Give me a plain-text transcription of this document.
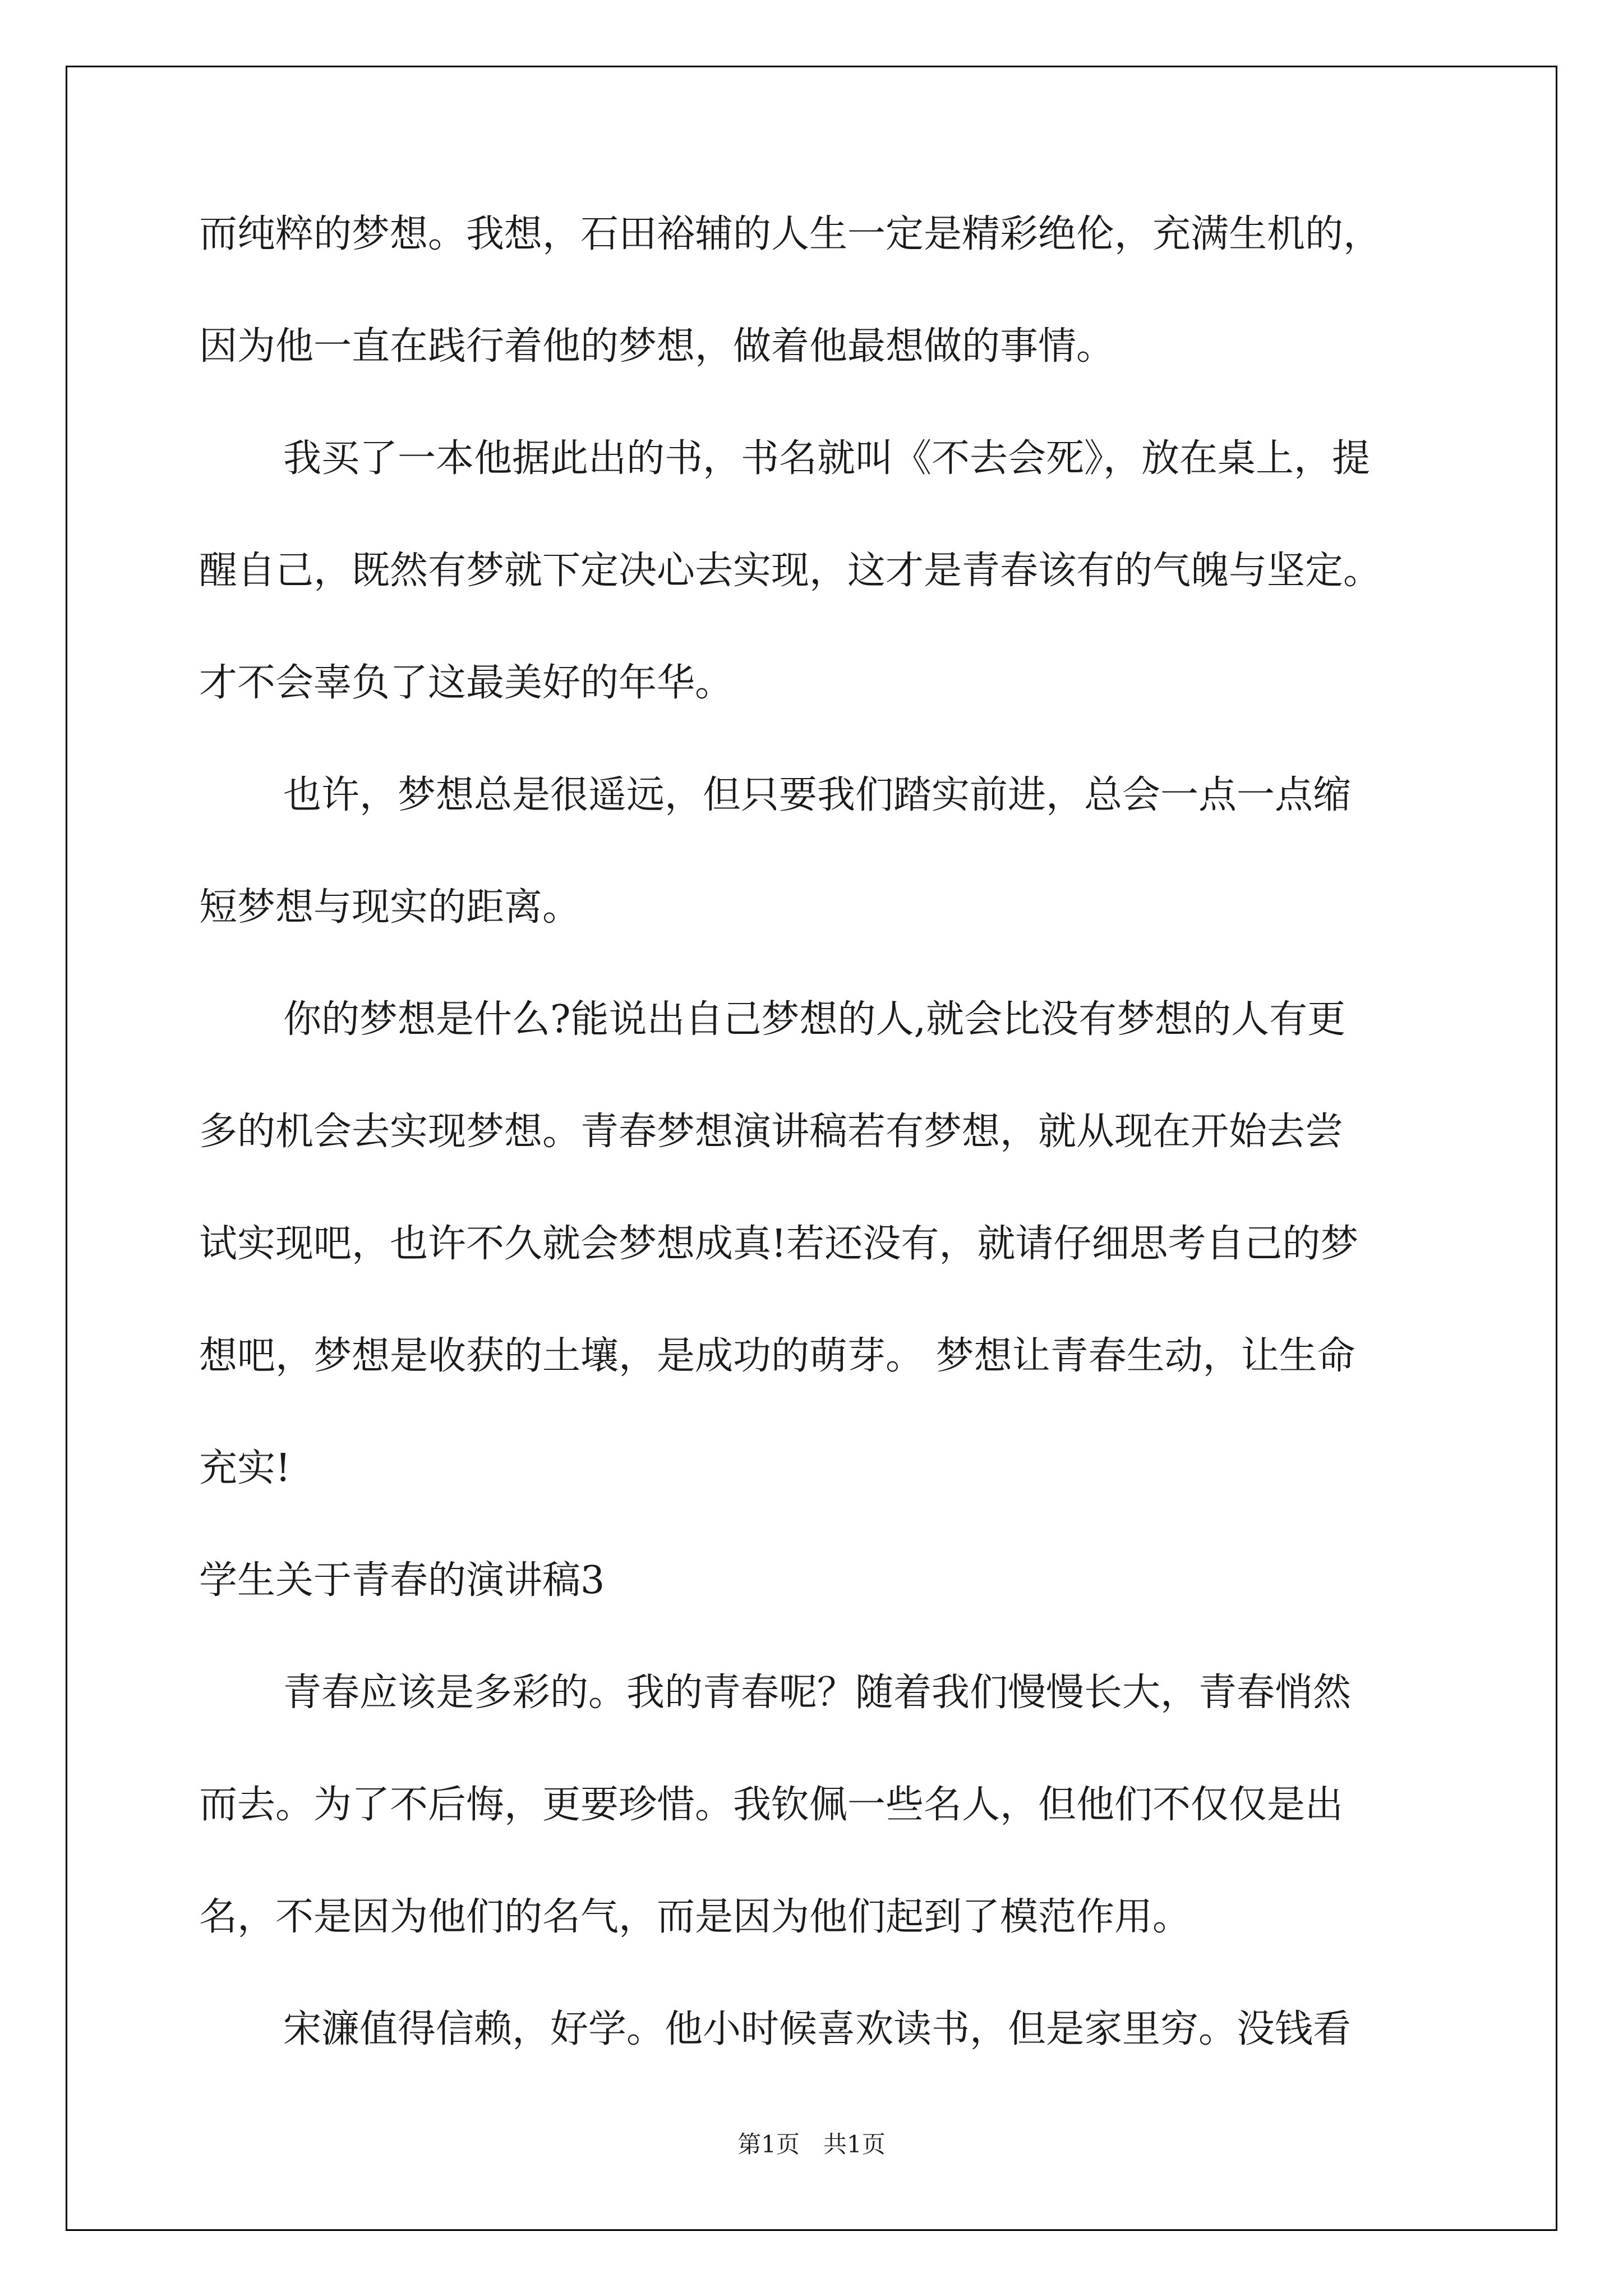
而纯粹的梦想。我想，石田裕辅的人生一定是精彩绝伦，充满生机的，
因为他一直在践行着他的梦想，做着他最想做的事情。
我买了一本他据此出的书，书名就叫《不去会死》，放在桌上，提
醒自己，既然有梦就下定决心去实现，这才是青春该有的气魄与坚定。
才不会辜负了这最美好的年华。
也许，梦想总是很遥远，但只要我们踏实前进，总会一点一点缩
短梦想与现实的距离。
你的梦想是什么?能说出自己梦想的人,就会比没有梦想的人有更
多的机会去实现梦想。青春梦想演讲稿若有梦想，就从现在开始去尝
试实现吧，也许不久就会梦想成真!若还没有，就请仔细思考自己的梦
想吧，梦想是收获的土壤，是成功的萌芽。 梦想让青春生动，让生命
充实!
学生关于青春的演讲稿3
青春应该是多彩的。我的青春呢？随着我们慢慢长大，青春悄然
而去。为了不后悔，更要珍惜。我钦佩一些名人，但他们不仅仅是出
名，不是因为他们的名气，而是因为他们起到了模范作用。
宋濂值得信赖，好学。他小时候喜欢读书，但是家里穷。没钱看
第1页　共1页
